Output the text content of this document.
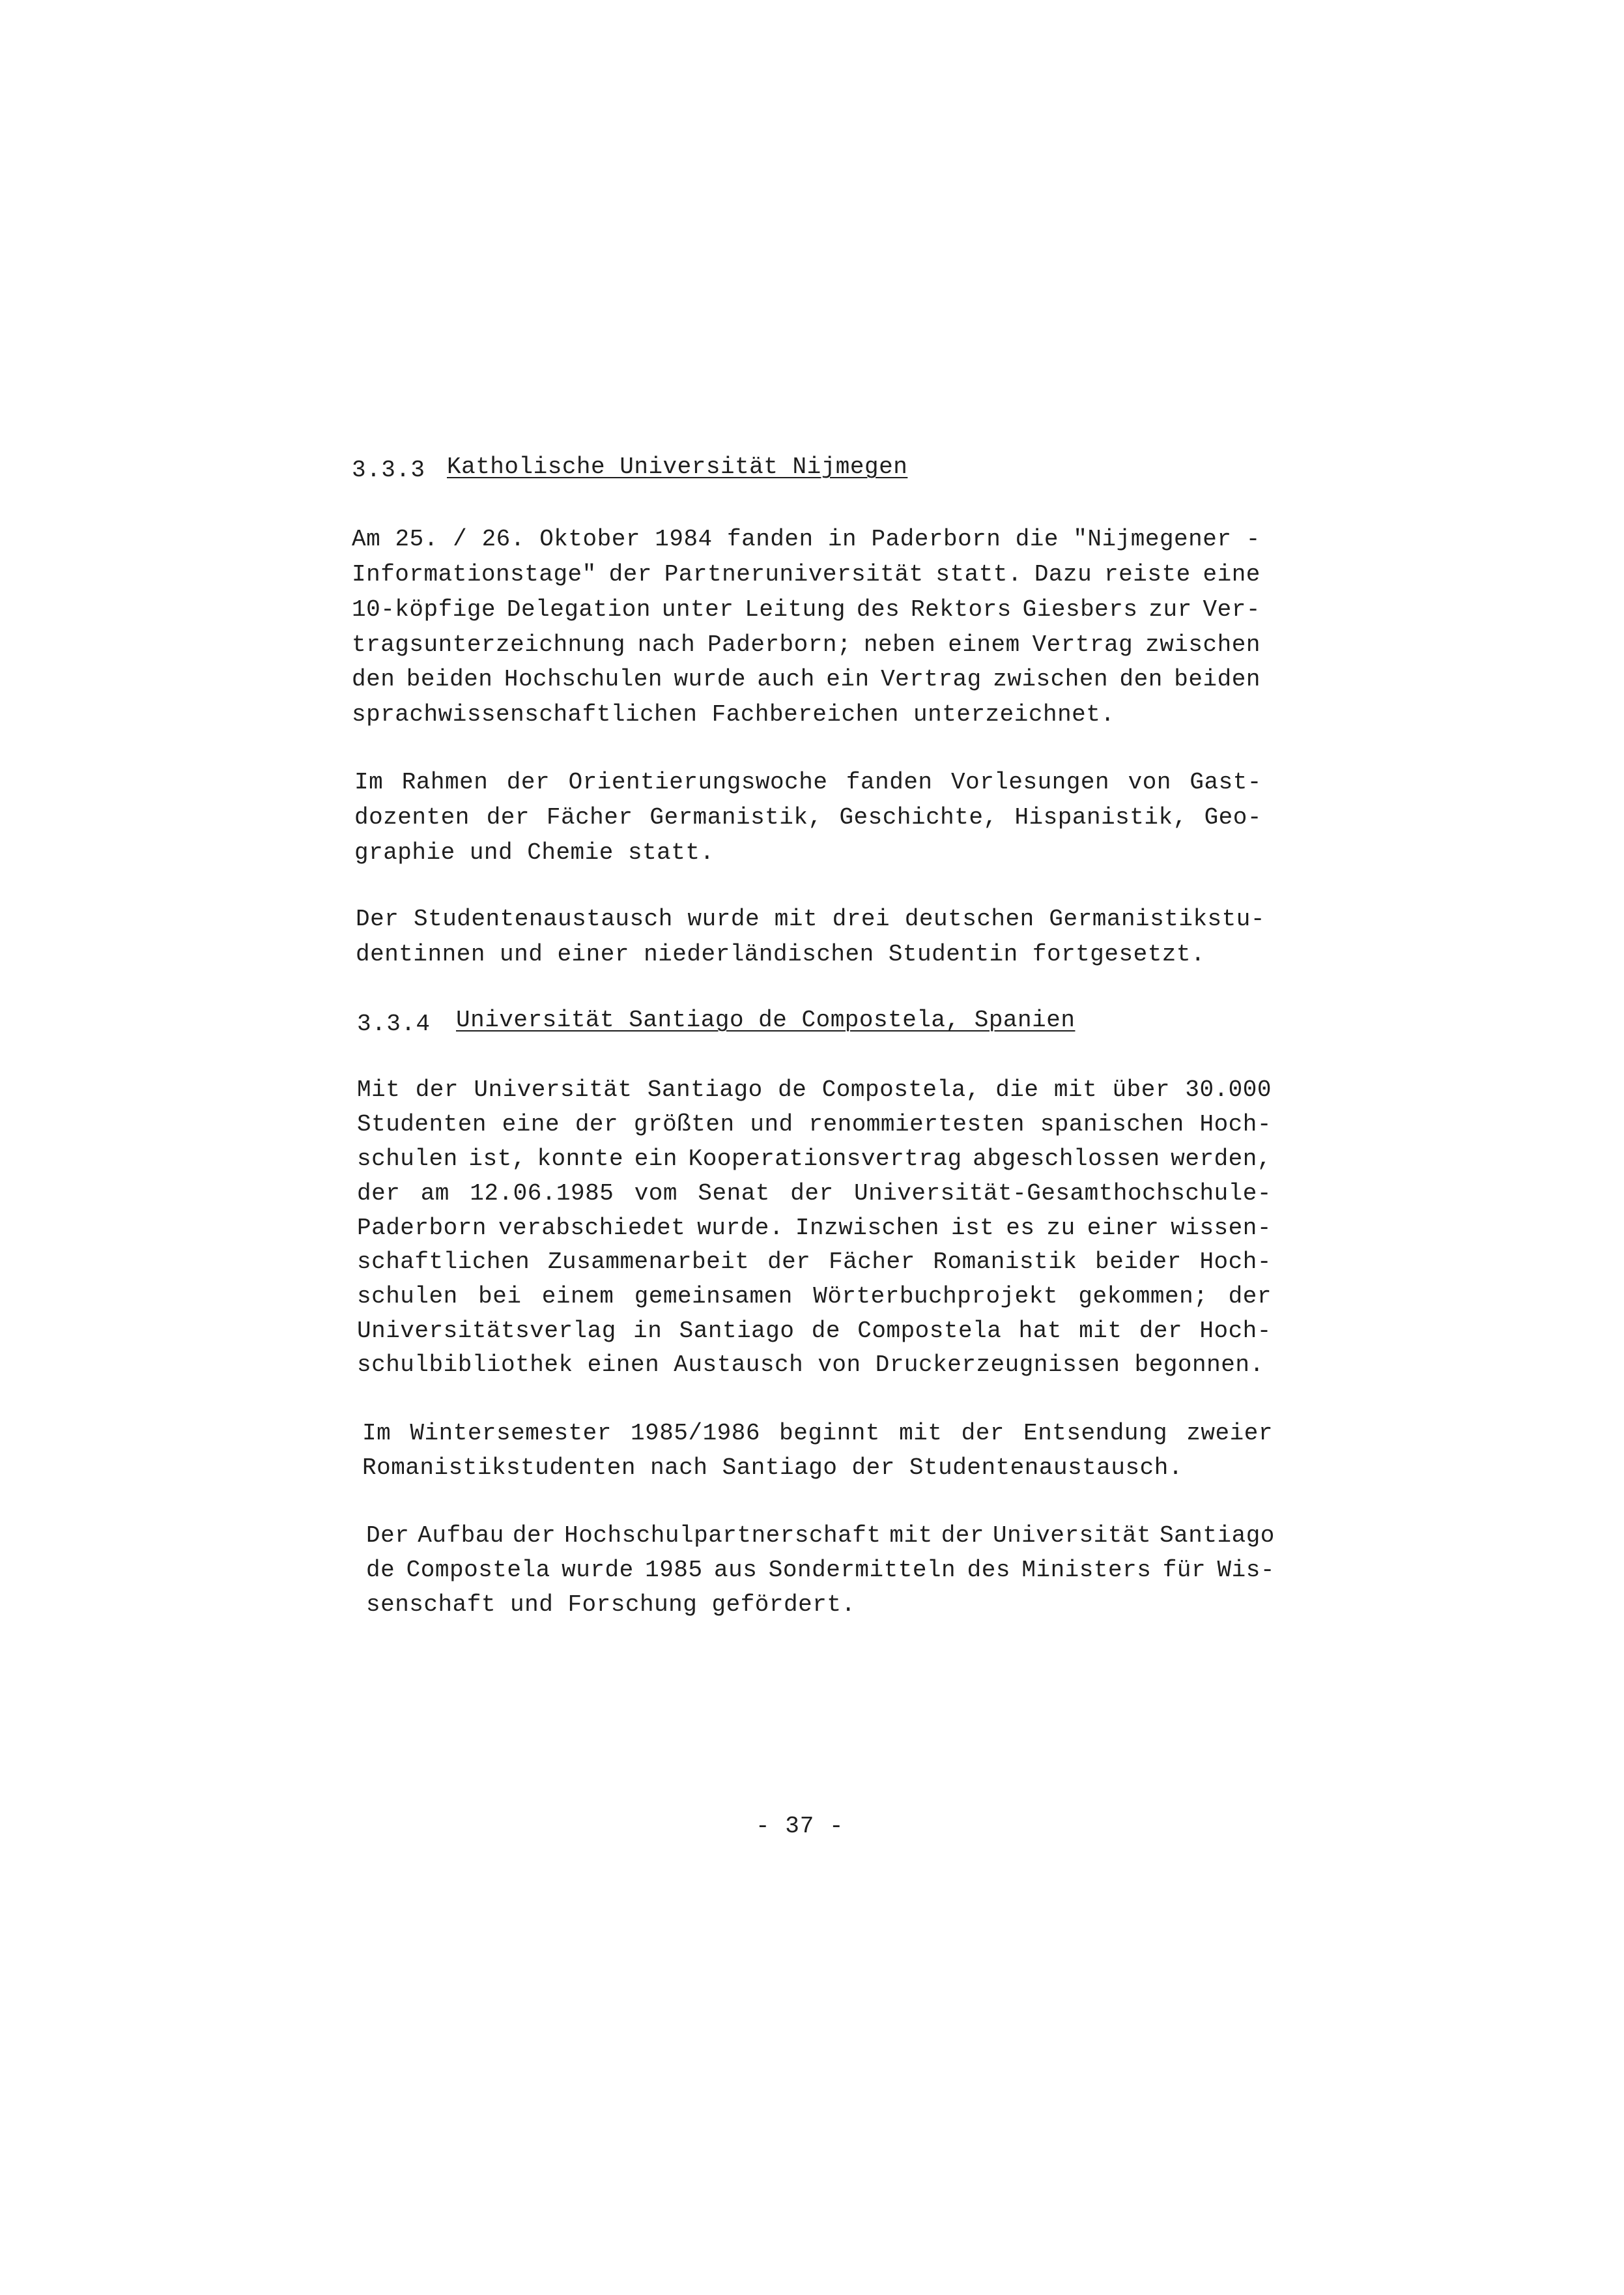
3.3.3 Katholische Universität Nijmegen
Am 25. / 26. Oktober 1984 fanden in Paderborn die "Nijmegener -
Informationstage" der Partneruniversität statt. Dazu reiste eine
10-köpfige Delegation unter Leitung des Rektors Giesbers zur Ver-
tragsunterzeichnung nach Paderborn; neben einem Vertrag zwischen
den beiden Hochschulen wurde auch ein Vertrag zwischen den beiden
sprachwissenschaftlichen Fachbereichen unterzeichnet.
Im Rahmen der Orientierungswoche fanden Vorlesungen von Gast-
dozenten der Fächer Germanistik, Geschichte, Hispanistik, Geo-
graphie und Chemie statt.
Der Studentenaustausch wurde mit drei deutschen Germanistikstu-
dentinnen und einer niederländischen Studentin fortgesetzt.
3.3.4 Universität Santiago de Compostela, Spanien
Mit der Universität Santiago de Compostela, die mit über 30.000
Studenten eine der größten und renommiertesten spanischen Hoch-
schulen ist, konnte ein Kooperationsvertrag abgeschlossen werden,
der am 12.06.1985 vom Senat der Universität-Gesamthochschule-
Paderborn verabschiedet wurde. Inzwischen ist es zu einer wissen-
schaftlichen Zusammenarbeit der Fächer Romanistik beider Hoch-
schulen bei einem gemeinsamen Wörterbuchprojekt gekommen; der
Universitätsverlag in Santiago de Compostela hat mit der Hoch-
schulbibliothek einen Austausch von Druckerzeugnissen begonnen.
Im Wintersemester 1985/1986 beginnt mit der Entsendung zweier
Romanistikstudenten nach Santiago der Studentenaustausch.
Der Aufbau der Hochschulpartnerschaft mit der Universität Santiago
de Compostela wurde 1985 aus Sondermitteln des Ministers für Wis-
senschaft und Forschung gefördert.
- 37 -
